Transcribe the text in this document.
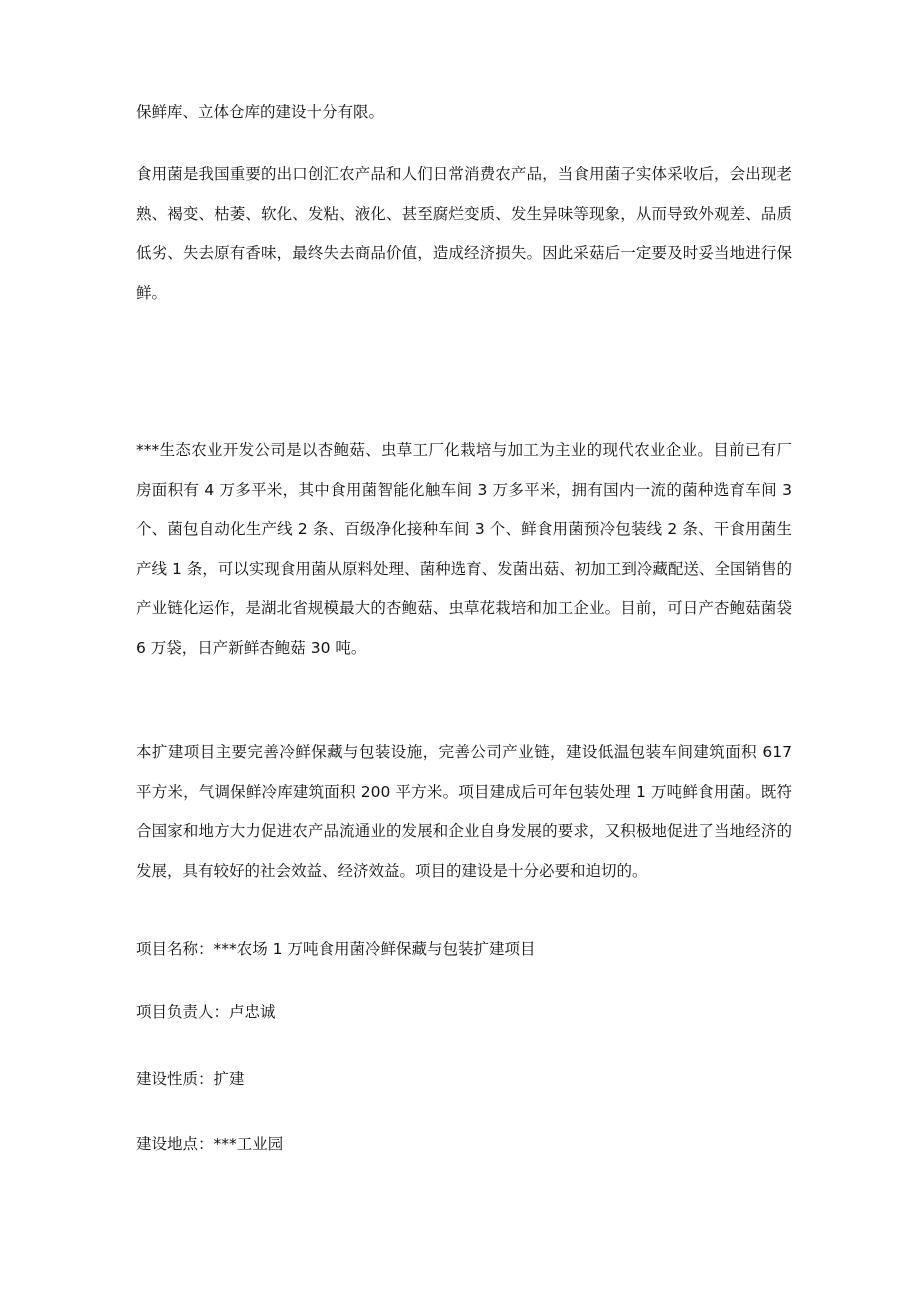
保鲜库、立体仓库的建设十分有限。

食用菌是我国重要的出口创汇农产品和人们日常消费农产品，当食用菌子实体采收后，会出现老熟、褐变、枯萎、软化、发粘、液化、甚至腐烂变质、发生异味等现象，从而导致外观差、品质低劣、失去原有香味，最终失去商品价值，造成经济损失。因此采菇后一定要及时妥当地进行保鲜。

***生态农业开发公司是以杏鲍菇、虫草工厂化栽培与加工为主业的现代农业企业。目前已有厂房面积有 4 万多平米，其中食用菌智能化触车间 3 万多平米，拥有国内一流的菌种选育车间 3 个、菌包自动化生产线 2 条、百级净化接种车间 3 个、鲜食用菌预冷包装线 2 条、干食用菌生产线 1 条，可以实现食用菌从原料处理、菌种选育、发菌出菇、初加工到冷藏配送、全国销售的产业链化运作，是湖北省规模最大的杏鲍菇、虫草花栽培和加工企业。目前，可日产杏鲍菇菌袋 6 万袋，日产新鲜杏鲍菇 30 吨。

本扩建项目主要完善冷鲜保藏与包装设施，完善公司产业链，建设低温包装车间建筑面积 617 平方米，气调保鲜冷库建筑面积 200 平方米。项目建成后可年包装处理 1 万吨鲜食用菌。既符合国家和地方大力促进农产品流通业的发展和企业自身发展的要求，又积极地促进了当地经济的发展，具有较好的社会效益、经济效益。项目的建设是十分必要和迫切的。

项目名称：***农场 1 万吨食用菌冷鲜保藏与包装扩建项目

项目负责人：卢忠诚

建设性质：扩建

建设地点：***工业园
